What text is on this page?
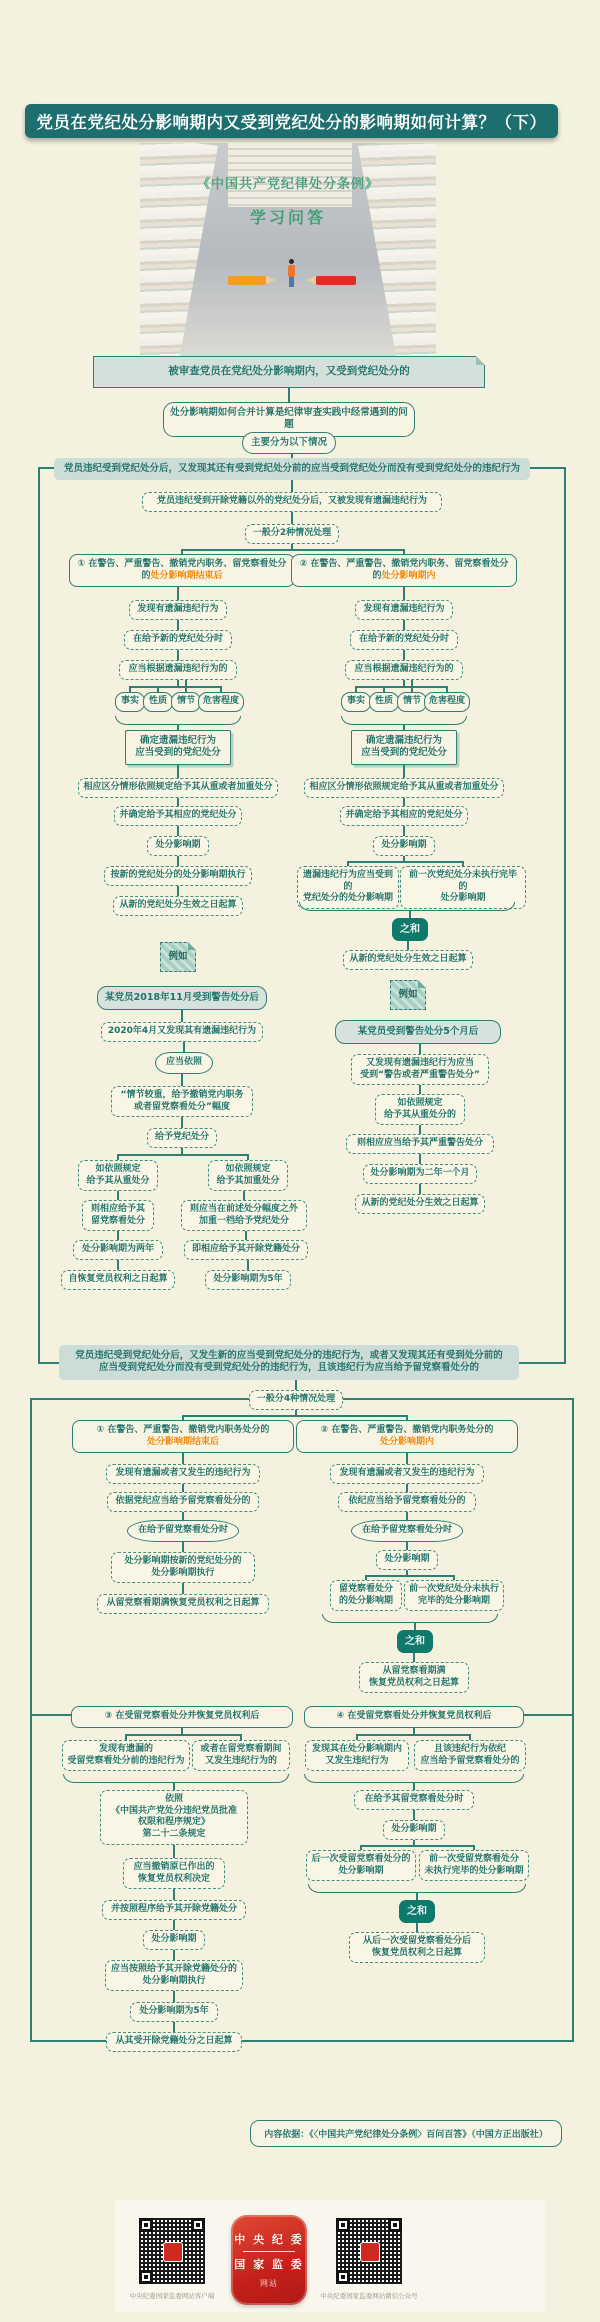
党员在党纪处分影响期内又受到党纪处分的影响期如何计算？（下）
《中国共产党纪律处分条例》
学习问答
被审查党员在党纪处分影响期内，又受到党纪处分的
处分影响期如何合并计算是纪律审查实践中经常遇到的问题
主要分为以下情况
党员违纪受到党纪处分后，又发现其还有受到党纪处分前的应当受到党纪处分而没有受到党纪处分的违纪行为
党员违纪受到开除党籍以外的党纪处分后，又被发现有遗漏违纪行为
一般分2种情况处理
① 在警告、严重警告、撤销党内职务、留党察看处分
的处分影响期结束后
② 在警告、严重警告、撤销党内职务、留党察看处分
的处分影响期内
发现有遗漏违纪行为
在给予新的党纪处分时
应当根据遗漏违纪行为的
事实	性质	情节 危害程度
确定遗漏违纪行为
应当受到的党纪处分
相应区分情形依照规定给予其从重或者加重处分
并确定给予其相应的党纪处分
处分影响期
按新的党纪处分的处分影响期执行
从新的党纪处分生效之日起算
例如
某党员2018年11月受到警告处分后
2020年4月又发现其有遗漏违纪行为
应当依照
“情节较重，给予撤销党内职务
或者留党察看处分”幅度
给予党纪处分
如依照规定
给予其从重处分
如依照规定
给予其加重处分
则相应给予其
留党察看处分
则应当在前述处分幅度之外
加重一档给予党纪处分
处分影响期为两年	即相应给予其开除党籍处分
自恢复党员权利之日起算	处分影响期为5年
发现有遗漏违纪行为
在给予新的党纪处分时
应当根据遗漏违纪行为的
事实	性质	情节 危害程度
确定遗漏违纪行为
应当受到的党纪处分
相应区分情形依照规定给予其从重或者加重处分
并确定给予其相应的党纪处分
处分影响期
遗漏违纪行为应当受到的
党纪处分的处分影响期
前一次党纪处分未执行完毕的
处分影响期
之和
从新的党纪处分生效之日起算
例如
某党员受到警告处分5个月后
又发现有遗漏违纪行为应当
受到“警告或者严重警告处分”
如依照规定
给予其从重处分的
则相应应当给予其严重警告处分
处分影响期为二年一个月
从新的党纪处分生效之日起算
党员违纪受到党纪处分后，又发生新的应当受到党纪处分的违纪行为，或者又发现其还有受到处分前的
应当受到党纪处分而没有受到党纪处分的违纪行为，且该违纪行为应当给予留党察看处分的
一般分4种情况处理
① 在警告、严重警告、撤销党内职务处分的
处分影响期结束后
② 在警告、严重警告、撤销党内职务处分的
处分影响期内
发现有遗漏或者又发生的违纪行为
依据党纪应当给予留党察看处分的
在给予留党察看处分时
处分影响期按新的党纪处分的
处分影响期执行
从留党察看期满恢复党员权利之日起算
发现有遗漏或者又发生的违纪行为
依纪应当给予留党察看处分的
在给予留党察看处分时
处分影响期
留党察看处分
的处分影响期
前一次党纪处分未执行
完毕的处分影响期
之和
从留党察看期满
恢复党员权利之日起算
③ 在受留党察看处分并恢复党员权利后	④ 在受留党察看处分并恢复党员权利后
发现有遗漏的
受留党察看处分前的违纪行为
或者在留党察看期间
又发生违纪行为的
依照
《中国共产党处分违纪党员批准
权限和程序规定》
第二十二条规定
应当撤销原已作出的
恢复党员权利决定
并按照程序给予其开除党籍处分
处分影响期
应当按照给予其开除党籍处分的
处分影响期执行
处分影响期为5年
从其受开除党籍处分之日起算
发现其在处分影响期内
又发生违纪行为
且该违纪行为依纪
应当给予留党察看处分的
在给予其留党察看处分时
处分影响期
后一次受留党察看处分的
处分影响期
前一次受留党察看处分
未执行完毕的处分影响期
之和
从后一次受留党察看处分后
恢复党员权利之日起算
内容依据：《〈中国共产党纪律处分条例〉百问百答》（中国方正出版社）
中 央 纪 委
国 家 监 委
网站
中央纪委国家监委网站客户端	中央纪委国家监委网站微信公众号
